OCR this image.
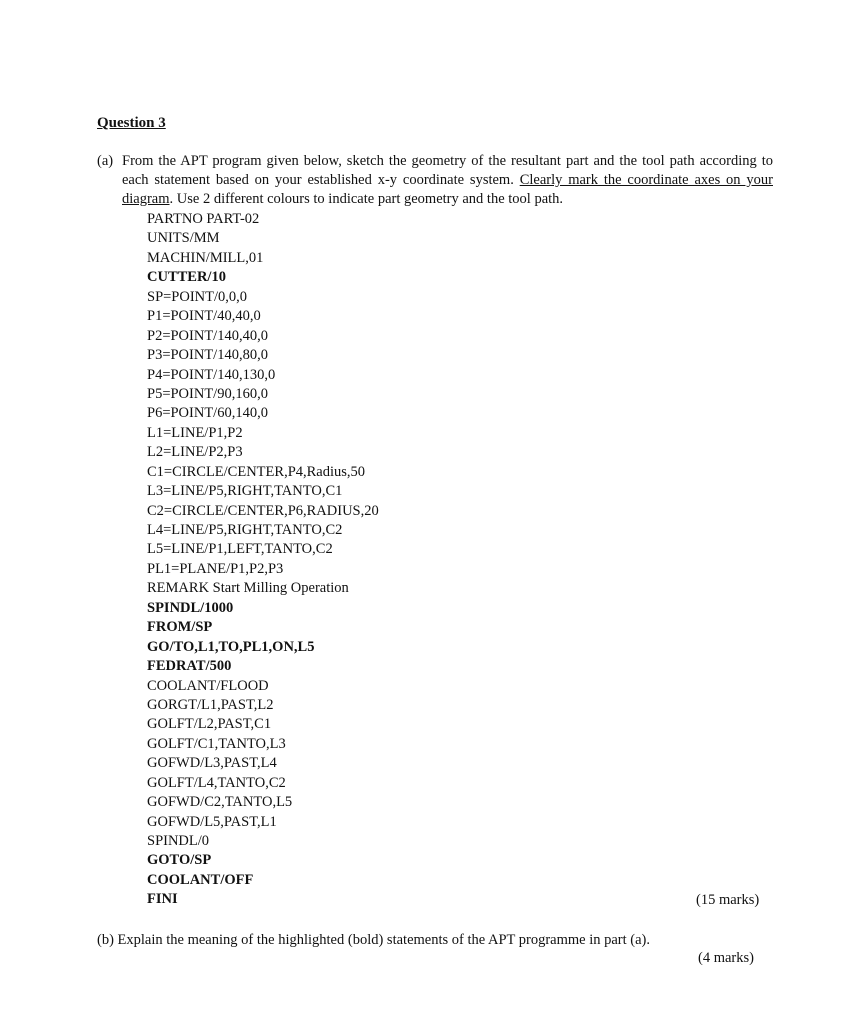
Question 3
(a) From the APT program given below, sketch the geometry of the resultant part and the tool path according to each statement based on your established x-y coordinate system. Clearly mark the coordinate axes on your diagram. Use 2 different colours to indicate part geometry and the tool path.
PARTNO PART-02
UNITS/MM
MACHIN/MILL,01
CUTTER/10
SP=POINT/0,0,0
P1=POINT/40,40,0
P2=POINT/140,40,0
P3=POINT/140,80,0
P4=POINT/140,130,0
P5=POINT/90,160,0
P6=POINT/60,140,0
L1=LINE/P1,P2
L2=LINE/P2,P3
C1=CIRCLE/CENTER,P4,Radius,50
L3=LINE/P5,RIGHT,TANTO,C1
C2=CIRCLE/CENTER,P6,RADIUS,20
L4=LINE/P5,RIGHT,TANTO,C2
L5=LINE/P1,LEFT,TANTO,C2
PL1=PLANE/P1,P2,P3
REMARK Start Milling Operation
SPINDL/1000
FROM/SP
GO/TO,L1,TO,PL1,ON,L5
FEDRAT/500
COOLANT/FLOOD
GORGT/L1,PAST,L2
GOLFT/L2,PAST,C1
GOLFT/C1,TANTO,L3
GOFWD/L3,PAST,L4
GOLFT/L4,TANTO,C2
GOFWD/C2,TANTO,L5
GOFWD/L5,PAST,L1
SPINDL/0
GOTO/SP
COOLANT/OFF
FINI	(15 marks)
(b) Explain the meaning of the highlighted (bold) statements of the APT programme in part (a).
(4 marks)
